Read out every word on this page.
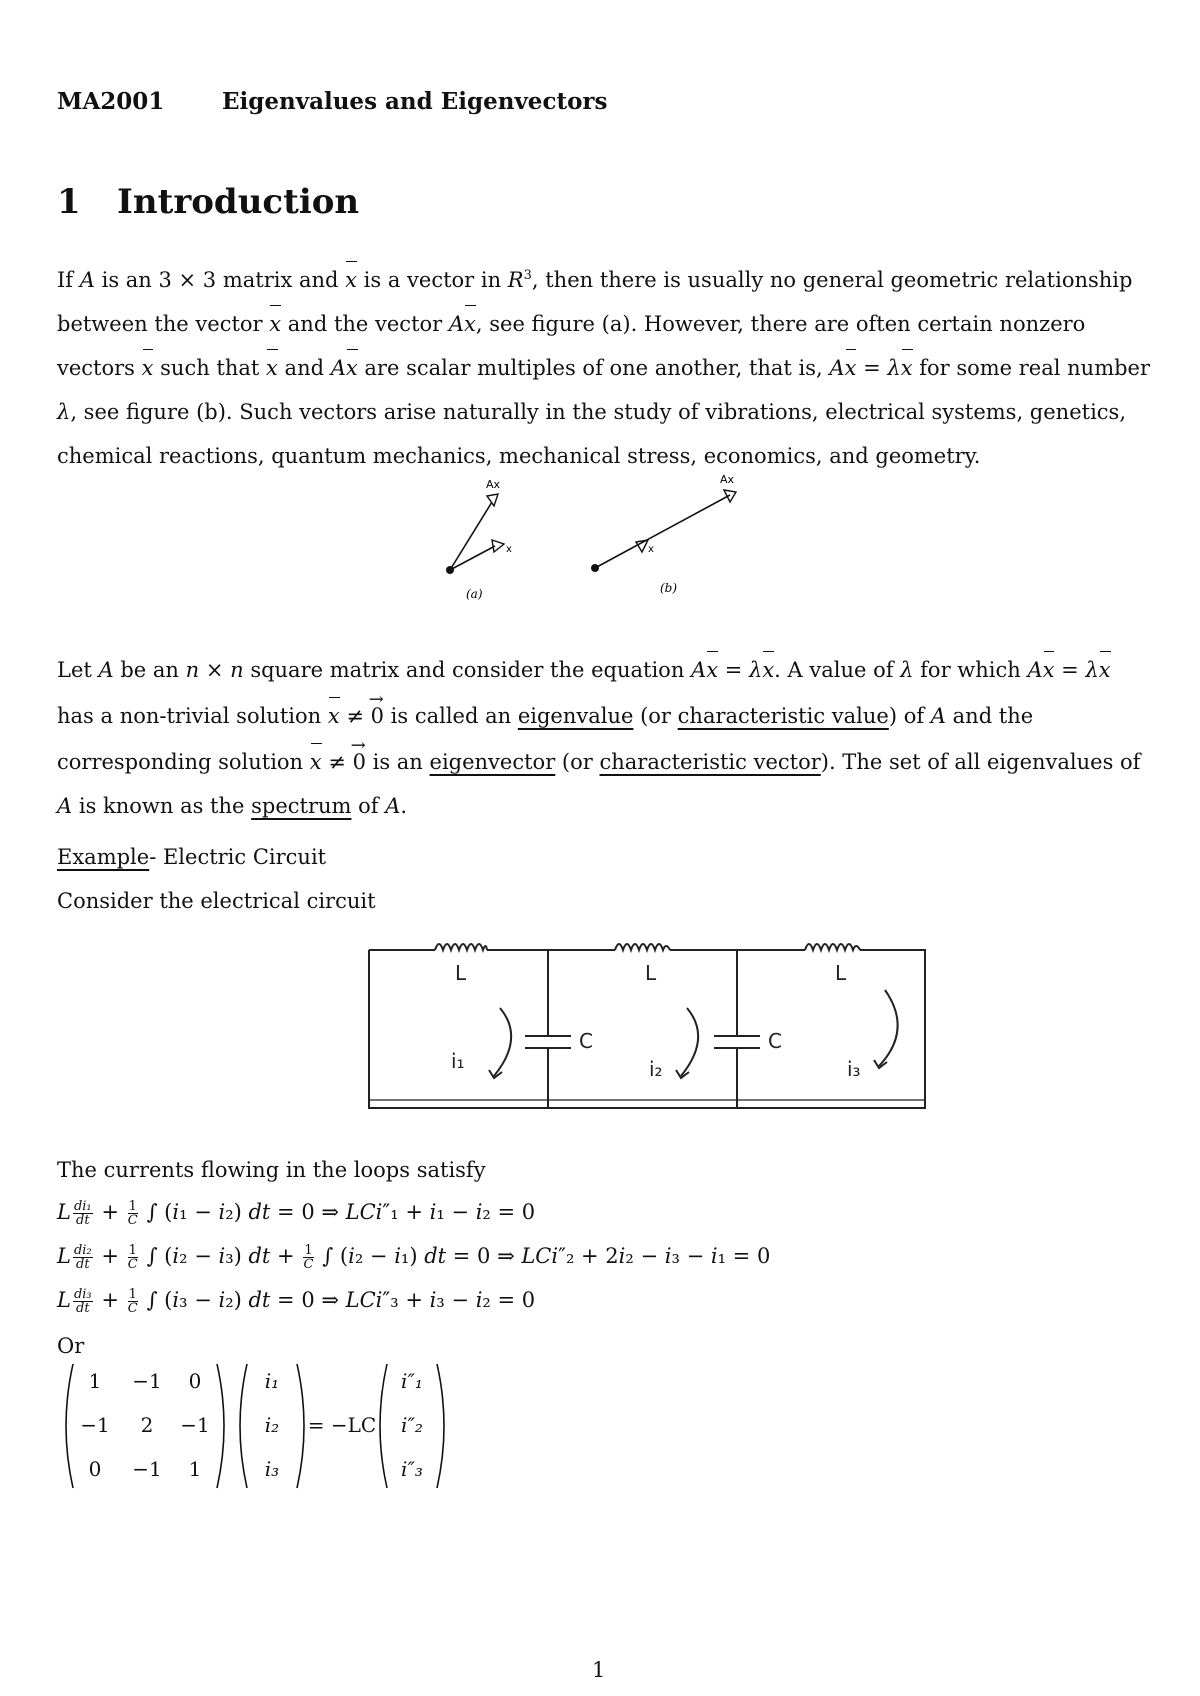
MA2001	Eigenvalues and Eigenvectors
1 Introduction
If A is an 3 × 3 matrix and x is a vector in $R^3$, then there is usually no general geometric relationship between the vector x and the vector Ax, see figure (a). However, there are often certain nonzero vectors x such that x and Ax are scalar multiples of one another, that is, Ax = λx for some real number λ, see figure (b). Such vectors arise naturally in the study of vibrations, electrical systems, genetics, chemical reactions, quantum mechanics, mechanical stress, economics, and geometry.
Ax
x
(a)
Ax
x
(b)
Let A be an n × n square matrix and consider the equation Ax = λx. A value of λ for which Ax = λx has a non-trivial solution x ≠ → 0 is called an eigenvalue (or characteristic value) of A and the corresponding solution x ≠ → 0 is an eigenvector (or characteristic vector). The set of all eigenvalues of A is known as the spectrum of A.
Example- Electric Circuit
Consider the electrical circuit
L	L	L
C	C
i₁	i₂	i₃
The currents flowing in the loops satisfy
L $\frac{\text{di₁}}{dt} + \frac{1}{C}$ ∫ (i₁ − i₂) dt = 0 ⇒ LCi″₁ + i₁ − i₂ = 0
L $\frac{\text{di₂}}{dt} + \frac{1}{C}$ ∫ (i₂ − i₃) dt + $\frac{1}{C}$ ∫ (i₂ − i₁) dt = 0 ⇒ LCi″₂ + 2i₂ − i₃ − i₁ = 0
L $\frac{\text{di₃}}{dt} + \frac{1}{C}$ ∫ (i₃ − i₂) dt = 0 ⇒ LCi″₃ + i₃ − i₂ = 0
Or
1 −1 0
−1 2 −1
0 −1 1
i₁
i₂
i₃
= −LC
i″₁
i″₂
i″₃
1
